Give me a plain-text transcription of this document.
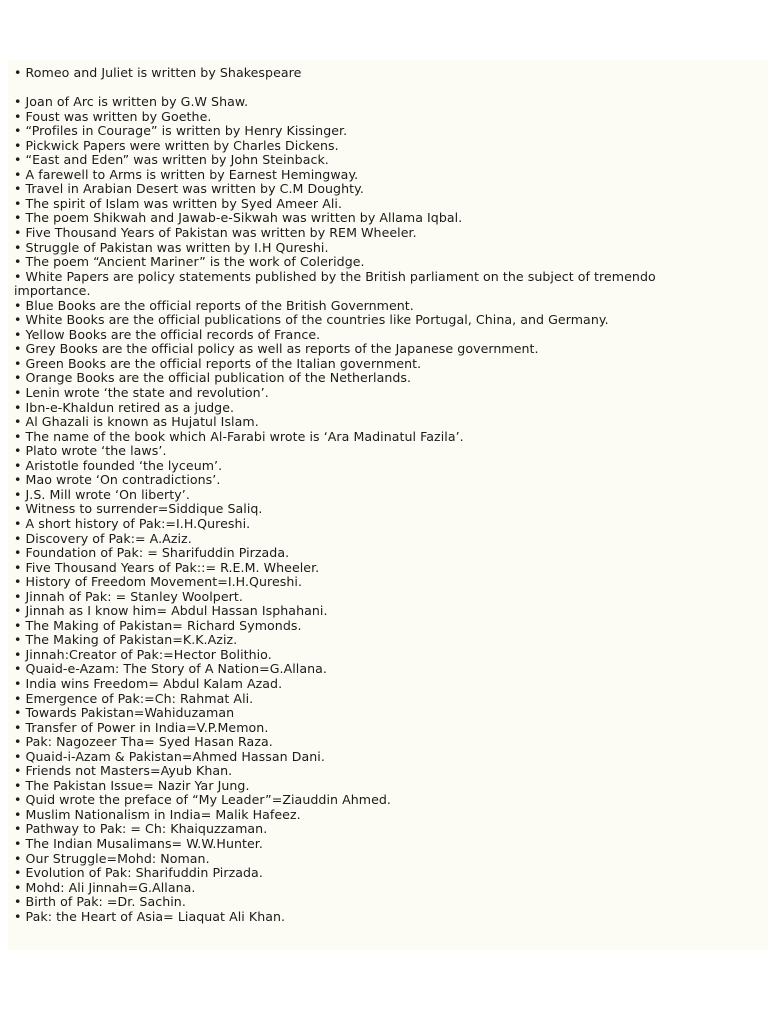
• Romeo and Juliet is written by Shakespeare
• Joan of Arc is written by G.W Shaw.
• Foust was written by Goethe.
• “Profiles in Courage” is written by Henry Kissinger.
• Pickwick Papers were written by Charles Dickens.
• “East and Eden” was written by John Steinback.
• A farewell to Arms is written by Earnest Hemingway.
• Travel in Arabian Desert was written by C.M Doughty.
• The spirit of Islam was written by Syed Ameer Ali.
• The poem Shikwah and Jawab-e-Sikwah was written by Allama Iqbal.
• Five Thousand Years of Pakistan was written by REM Wheeler.
• Struggle of Pakistan was written by I.H Qureshi.
• The poem “Ancient Mariner” is the work of Coleridge.
• White Papers are policy statements published by the British parliament on the subject of tremendo
importance.
• Blue Books are the official reports of the British Government.
• White Books are the official publications of the countries like Portugal, China, and Germany.
• Yellow Books are the official records of France.
• Grey Books are the official policy as well as reports of the Japanese government.
• Green Books are the official reports of the Italian government.
• Orange Books are the official publication of the Netherlands.
• Lenin wrote ‘the state and revolution’.
• Ibn-e-Khaldun retired as a judge.
• Al Ghazali is known as Hujatul Islam.
• The name of the book which Al-Farabi wrote is ‘Ara Madinatul Fazila’.
• Plato wrote ‘the laws’.
• Aristotle founded ‘the lyceum’.
• Mao wrote ‘On contradictions’.
• J.S. Mill wrote ‘On liberty’.
• Witness to surrender=Siddique Saliq.
• A short history of Pak:=I.H.Qureshi.
• Discovery of Pak:= A.Aziz.
• Foundation of Pak: = Sharifuddin Pirzada.
• Five Thousand Years of Pak::= R.E.M. Wheeler.
• History of Freedom Movement=I.H.Qureshi.
• Jinnah of Pak: = Stanley Woolpert.
• Jinnah as I know him= Abdul Hassan Isphahani.
• The Making of Pakistan= Richard Symonds.
• The Making of Pakistan=K.K.Aziz.
• Jinnah:Creator of Pak:=Hector Bolithio.
• Quaid-e-Azam: The Story of A Nation=G.Allana.
• India wins Freedom= Abdul Kalam Azad.
• Emergence of Pak:=Ch: Rahmat Ali.
• Towards Pakistan=Wahiduzaman
• Transfer of Power in India=V.P.Memon.
• Pak: Nagozeer Tha= Syed Hasan Raza.
• Quaid-i-Azam & Pakistan=Ahmed Hassan Dani.
• Friends not Masters=Ayub Khan.
• The Pakistan Issue= Nazir Yar Jung.
• Quid wrote the preface of “My Leader”=Ziauddin Ahmed.
• Muslim Nationalism in India= Malik Hafeez.
• Pathway to Pak: = Ch: Khaiquzzaman.
• The Indian Musalimans= W.W.Hunter.
• Our Struggle=Mohd: Noman.
• Evolution of Pak: Sharifuddin Pirzada.
• Mohd: Ali Jinnah=G.Allana.
• Birth of Pak: =Dr. Sachin.
• Pak: the Heart of Asia= Liaquat Ali Khan.
